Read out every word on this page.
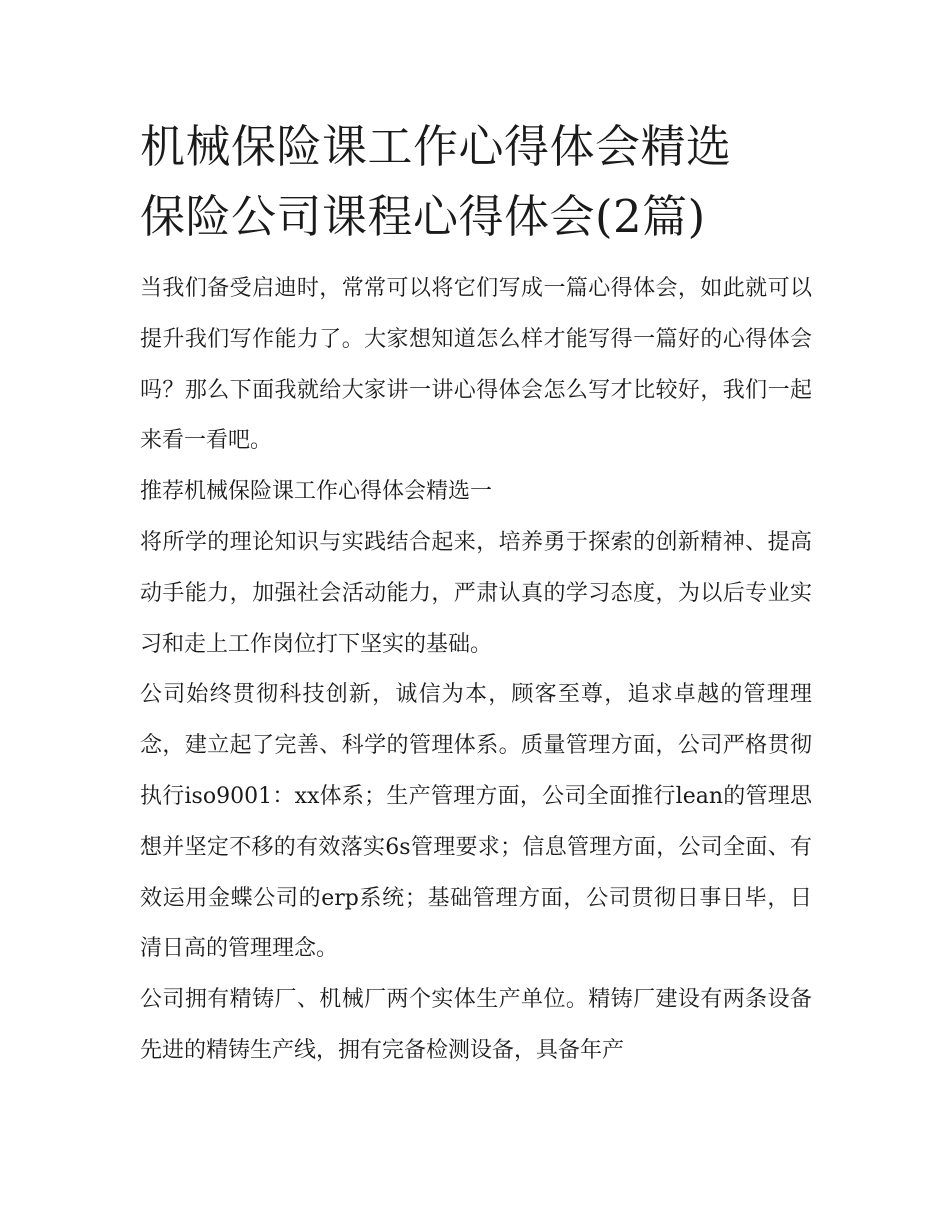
机械保险课工作心得体会精选
保险公司课程心得体会(2篇)

当我们备受启迪时，常常可以将它们写成一篇心得体会，如此就可以提升我们写作能力了。大家想知道怎么样才能写得一篇好的心得体会吗？那么下面我就给大家讲一讲心得体会怎么写才比较好，我们一起来看一看吧。

推荐机械保险课工作心得体会精选一

将所学的理论知识与实践结合起来，培养勇于探索的创新精神、提高动手能力，加强社会活动能力，严肃认真的学习态度，为以后专业实习和走上工作岗位打下坚实的基础。

公司始终贯彻科技创新，诚信为本，顾客至尊，追求卓越的管理理念，建立起了完善、科学的管理体系。质量管理方面，公司严格贯彻执行iso9001：xx体系；生产管理方面，公司全面推行lean的管理思想并坚定不移的有效落实6s管理要求；信息管理方面，公司全面、有效运用金蝶公司的erp系统；基础管理方面，公司贯彻日事日毕，日清日高的管理理念。

公司拥有精铸厂、机械厂两个实体生产单位。精铸厂建设有两条设备先进的精铸生产线，拥有完备检测设备，具备年产
